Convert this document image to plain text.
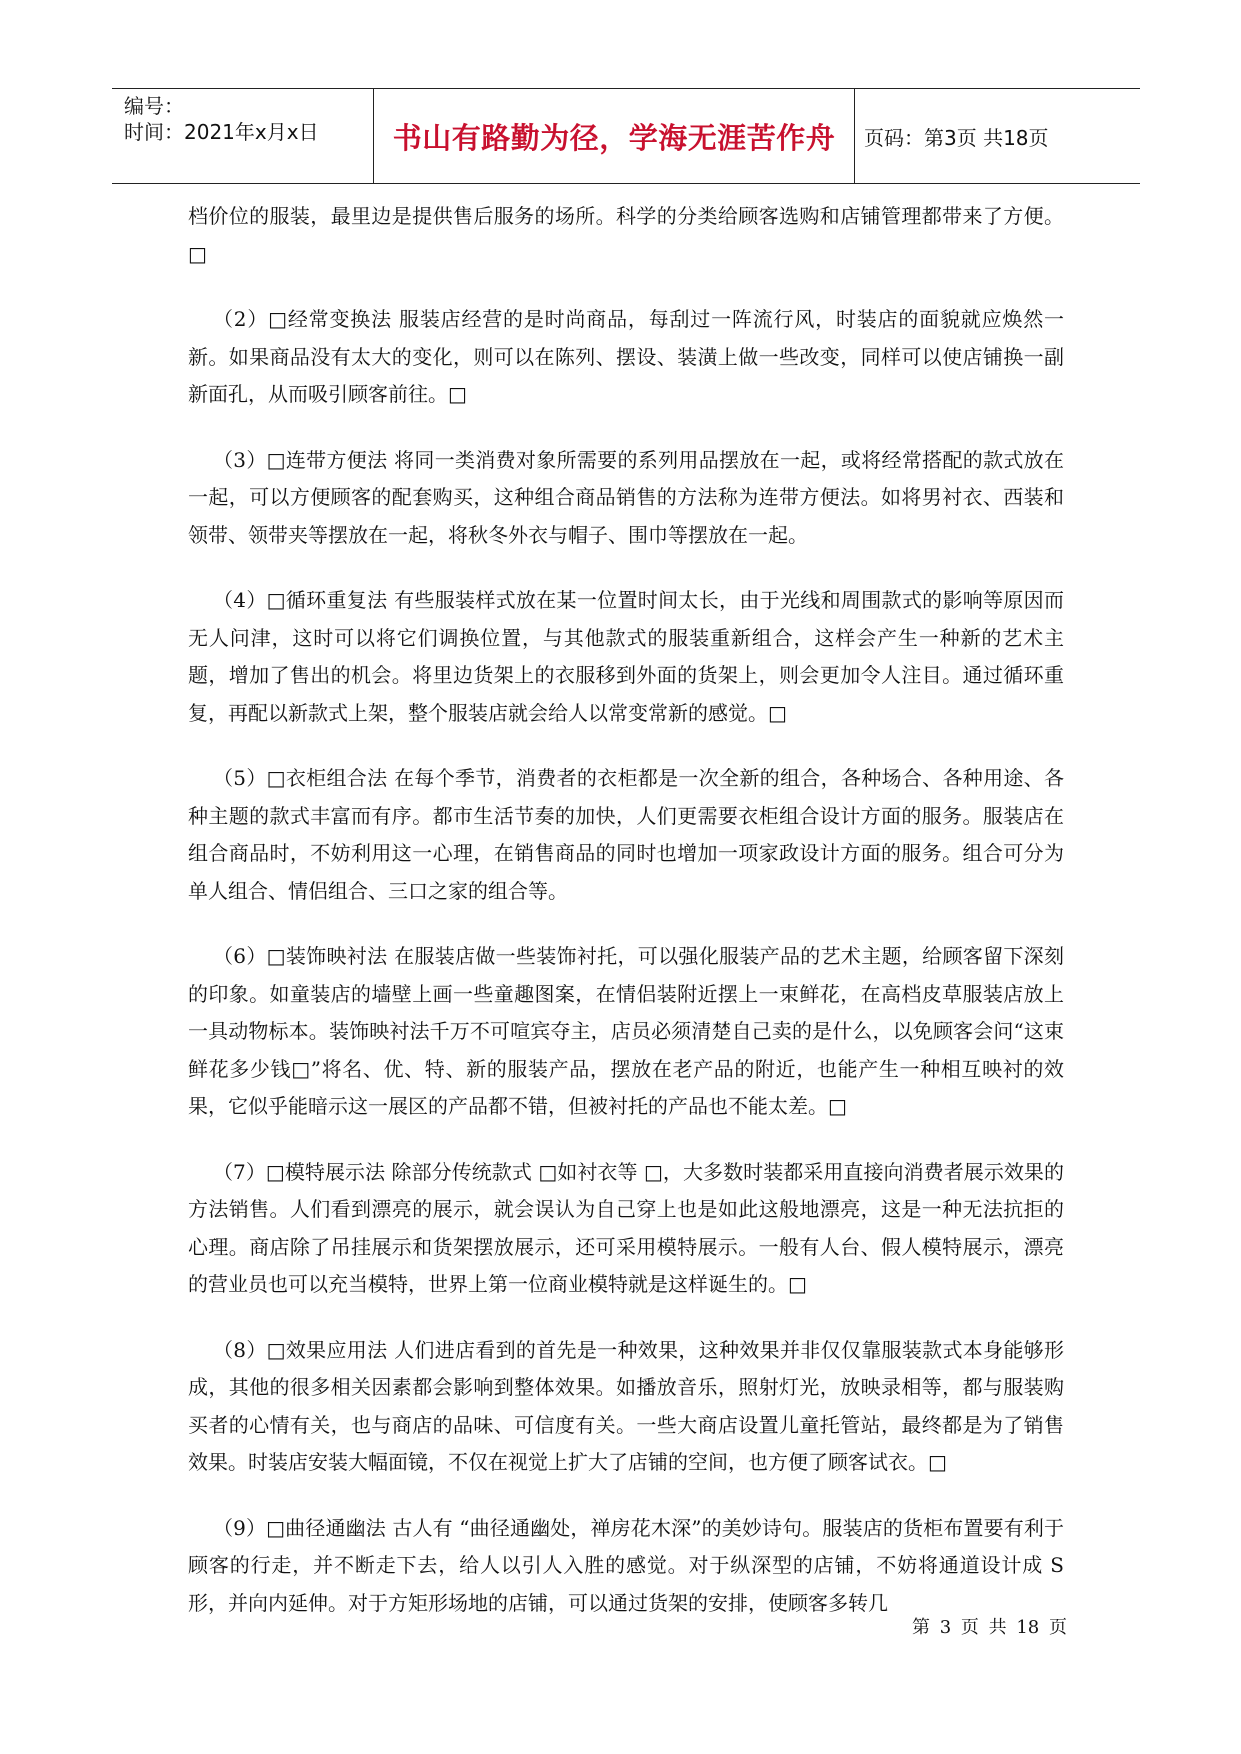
编号：
时间：2021年x月x日	书山有路勤为径，学海无涯苦作舟 页码：第3页 共18页

档价位的服装，最里边是提供售后服务的场所。科学的分类给顾客选购和店铺管理都带来了方便。□

（2）□经常变换法 服装店经营的是时尚商品，每刮过一阵流行风，时装店的面貌就应焕然一新。如果商品没有太大的变化，则可以在陈列、摆设、装潢上做一些改变，同样可以使店铺换一副新面孔，从而吸引顾客前往。□

（3）□连带方便法 将同一类消费对象所需要的系列用品摆放在一起，或将经常搭配的款式放在一起，可以方便顾客的配套购买，这种组合商品销售的方法称为连带方便法。如将男衬衣、西装和领带、领带夹等摆放在一起，将秋冬外衣与帽子、围巾等摆放在一起。

（4）□循环重复法 有些服装样式放在某一位置时间太长，由于光线和周围款式的影响等原因而无人问津，这时可以将它们调换位置，与其他款式的服装重新组合，这样会产生一种新的艺术主题，增加了售出的机会。将里边货架上的衣服移到外面的货架上，则会更加令人注目。通过循环重复，再配以新款式上架，整个服装店就会给人以常变常新的感觉。□

（5）□衣柜组合法 在每个季节，消费者的衣柜都是一次全新的组合，各种场合、各种用途、各种主题的款式丰富而有序。都市生活节奏的加快，人们更需要衣柜组合设计方面的服务。服装店在组合商品时，不妨利用这一心理，在销售商品的同时也增加一项家政设计方面的服务。组合可分为单人组合、情侣组合、三口之家的组合等。

（6）□装饰映衬法 在服装店做一些装饰衬托，可以强化服装产品的艺术主题，给顾客留下深刻的印象。如童装店的墙壁上画一些童趣图案，在情侣装附近摆上一束鲜花，在高档皮草服装店放上一具动物标本。装饰映衬法千万不可喧宾夺主，店员必须清楚自己卖的是什么，以免顾客会问“这束鲜花多少钱□”将名、优、特、新的服装产品，摆放在老产品的附近，也能产生一种相互映衬的效果，它似乎能暗示这一展区的产品都不错，但被衬托的产品也不能太差。□

（7）□模特展示法 除部分传统款式 □如衬衣等 □，大多数时装都采用直接向消费者展示效果的方法销售。人们看到漂亮的展示，就会误认为自己穿上也是如此这般地漂亮，这是一种无法抗拒的心理。商店除了吊挂展示和货架摆放展示，还可采用模特展示。一般有人台、假人模特展示，漂亮的营业员也可以充当模特，世界上第一位商业模特就是这样诞生的。□

（8）□效果应用法 人们进店看到的首先是一种效果，这种效果并非仅仅靠服装款式本身能够形成，其他的很多相关因素都会影响到整体效果。如播放音乐，照射灯光，放映录相等，都与服装购买者的心情有关，也与商店的品味、可信度有关。一些大商店设置儿童托管站，最终都是为了销售效果。时装店安装大幅面镜，不仅在视觉上扩大了店铺的空间，也方便了顾客试衣。□

（9）□曲径通幽法 古人有 “曲径通幽处，禅房花木深”的美妙诗句。服装店的货柜布置要有利于顾客的行走，并不断走下去，给人以引人入胜的感觉。对于纵深型的店铺，不妨将通道设计成 S形，并向内延伸。对于方矩形场地的店铺，可以通过货架的安排，使顾客多转几

第 3 页 共 18 页
